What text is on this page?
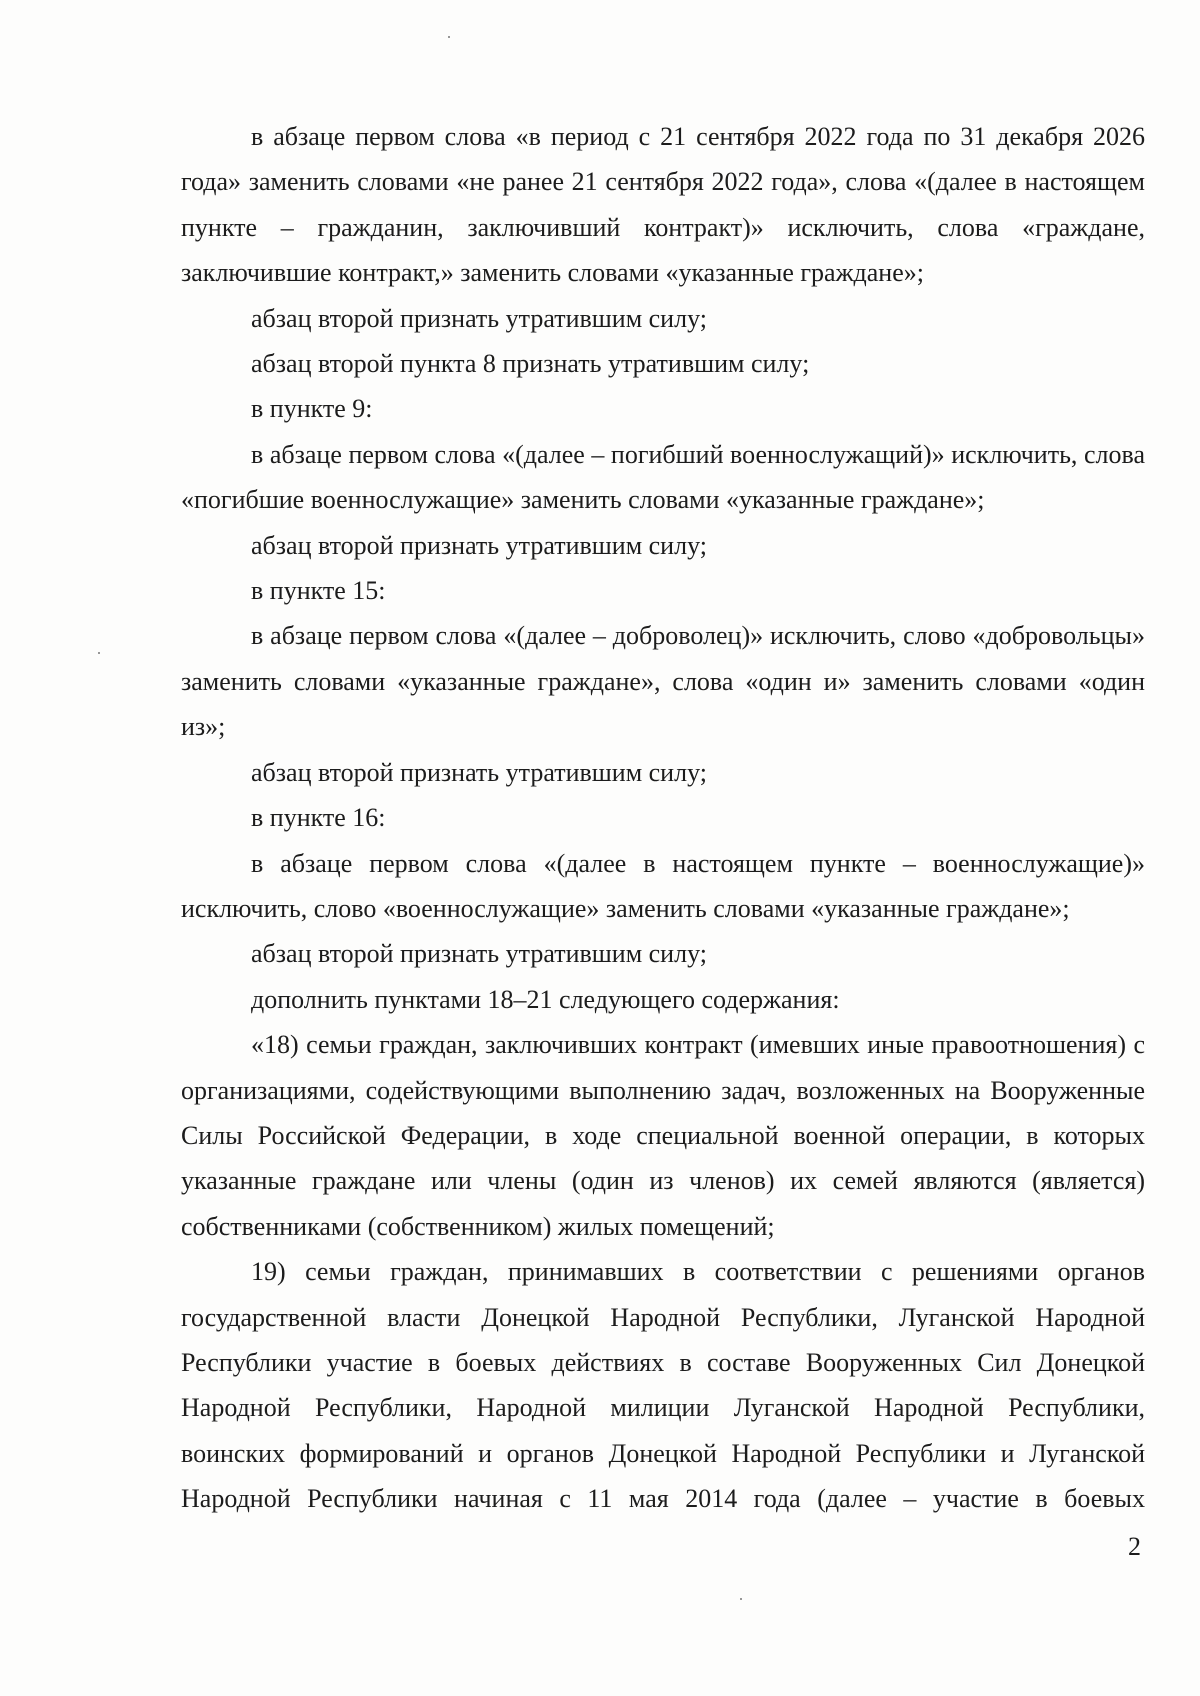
в абзаце первом слова «в период с 21 сентября 2022 года по 31 декабря 2026 года» заменить словами «не ранее 21 сентября 2022 года», слова «(далее в настоящем пункте – гражданин, заключивший контракт)» исключить, слова «граждане, заключившие контракт,» заменить словами «указанные граждане»;

абзац второй признать утратившим силу;

абзац второй пункта 8 признать утратившим силу;

в пункте 9:

в абзаце первом слова «(далее – погибший военнослужащий)» исключить, слова «погибшие военнослужащие» заменить словами «указанные граждане»;

абзац второй признать утратившим силу;

в пункте 15:

в абзаце первом слова «(далее – доброволец)» исключить, слово «добровольцы» заменить словами «указанные граждане», слова «один и» заменить словами «один из»;

абзац второй признать утратившим силу;

в пункте 16:

в абзаце первом слова «(далее в настоящем пункте – военнослужащие)» исключить, слово «военнослужащие» заменить словами «указанные граждане»;

абзац второй признать утратившим силу;

дополнить пунктами 18–21 следующего содержания:

«18) семьи граждан, заключивших контракт (имевших иные правоотношения) с организациями, содействующими выполнению задач, возложенных на Вооруженные Силы Российской Федерации, в ходе специальной военной операции, в которых указанные граждане или члены (один из членов) их семей являются (является) собственниками (собственником) жилых помещений;

19) семьи граждан, принимавших в соответствии с решениями органов государственной власти Донецкой Народной Республики, Луганской Народной Республики участие в боевых действиях в составе Вооруженных Сил Донецкой Народной Республики, Народной милиции Луганской Народной Республики, воинских формирований и органов Донецкой Народной Республики и Луганской Народной Республики начиная с 11 мая 2014 года (далее – участие в боевых

2
